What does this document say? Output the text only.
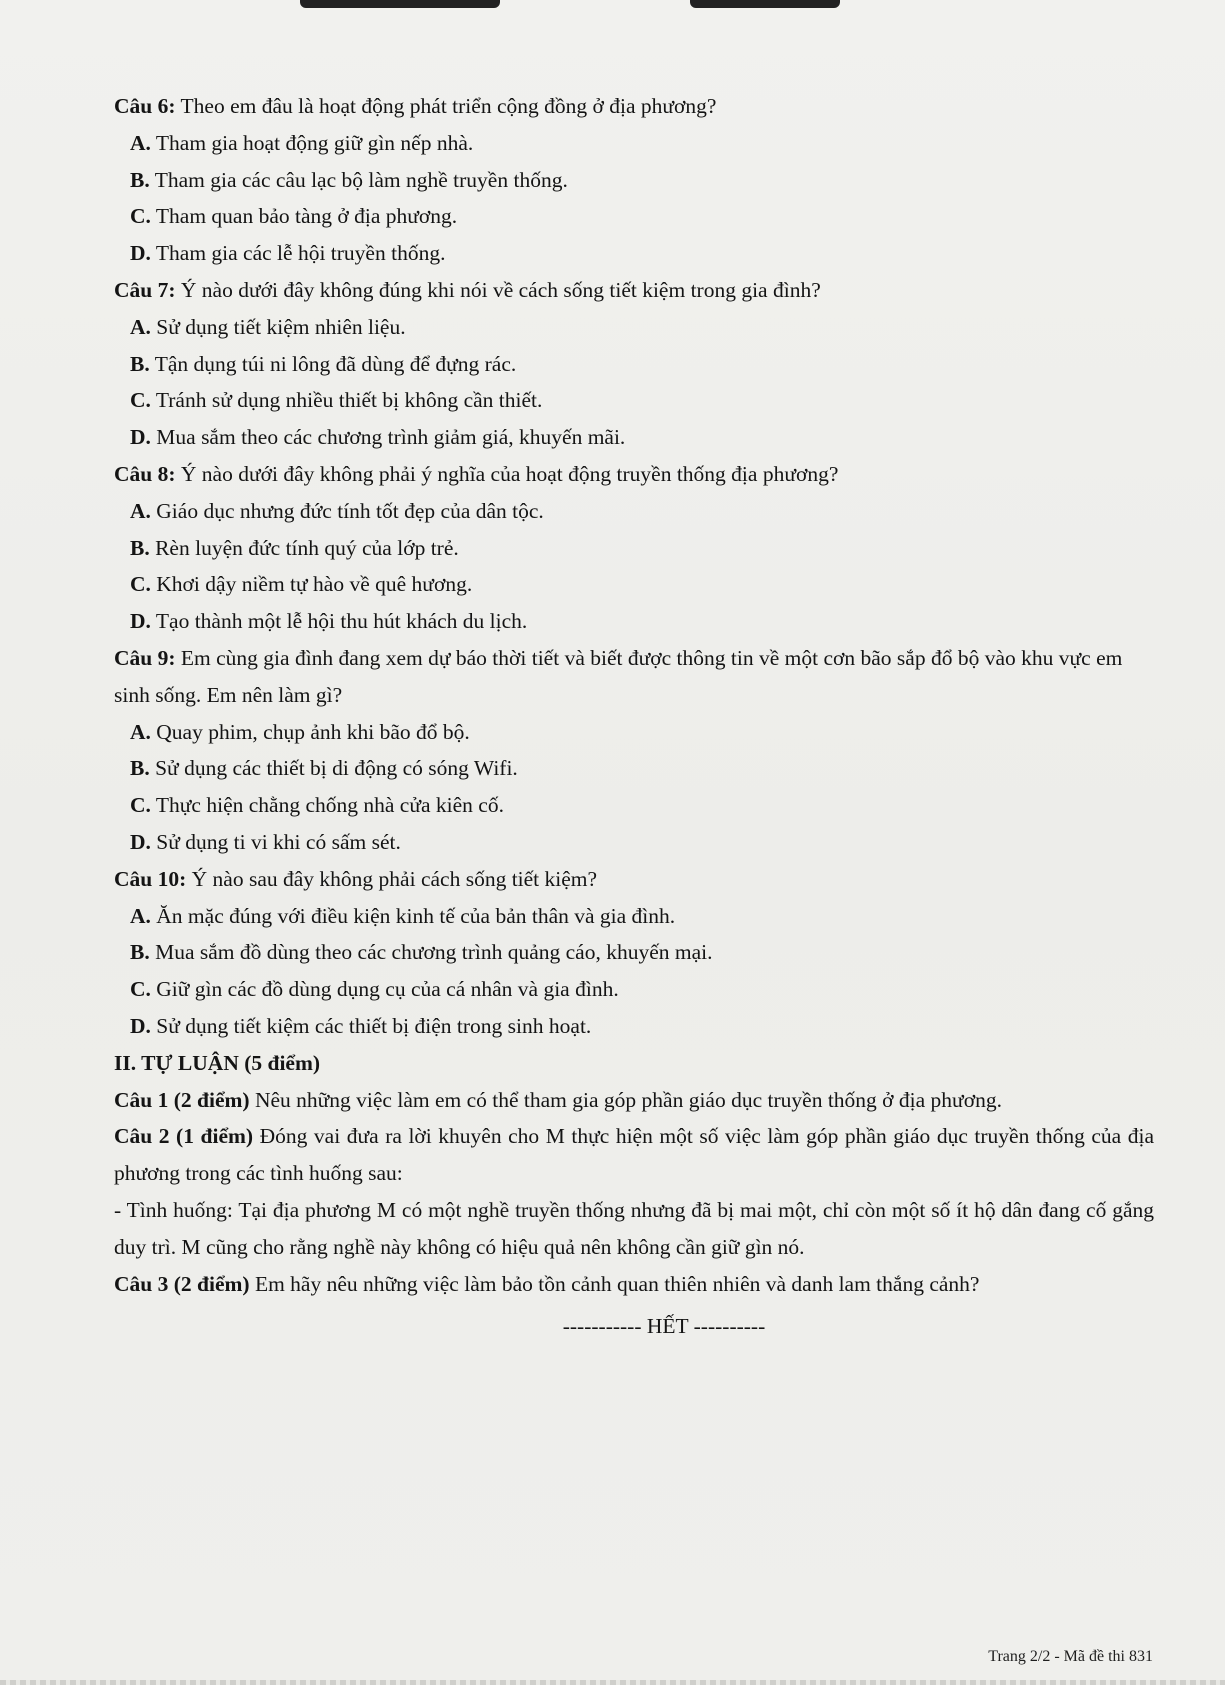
Câu 6: Theo em đâu là hoạt động phát triển cộng đồng ở địa phương?

A. Tham gia hoạt động giữ gìn nếp nhà.

B. Tham gia các câu lạc bộ làm nghề truyền thống.

C. Tham quan bảo tàng ở địa phương.

D. Tham gia các lễ hội truyền thống.

Câu 7: Ý nào dưới đây không đúng khi nói về cách sống tiết kiệm trong gia đình?

A. Sử dụng tiết kiệm nhiên liệu.

B. Tận dụng túi ni lông đã dùng để đựng rác.

C. Tránh sử dụng nhiều thiết bị không cần thiết.

D. Mua sắm theo các chương trình giảm giá, khuyến mãi.

Câu 8: Ý nào dưới đây không phải ý nghĩa của hoạt động truyền thống địa phương?

A. Giáo dục nhưng đức tính tốt đẹp của dân tộc.

B. Rèn luyện đức tính quý của lớp trẻ.

C. Khơi dậy niềm tự hào về quê hương.

D. Tạo thành một lễ hội thu hút khách du lịch.

Câu 9: Em cùng gia đình đang xem dự báo thời tiết và biết được thông tin về một cơn bão sắp đổ bộ vào khu vực em sinh sống. Em nên làm gì?

A. Quay phim, chụp ảnh khi bão đổ bộ.

B. Sử dụng các thiết bị di động có sóng Wifi.

C. Thực hiện chằng chống nhà cửa kiên cố.

D. Sử dụng ti vi khi có sấm sét.

Câu 10: Ý nào sau đây không phải cách sống tiết kiệm?

A. Ăn mặc đúng với điều kiện kinh tế của bản thân và gia đình.

B. Mua sắm đồ dùng theo các chương trình quảng cáo, khuyến mại.

C. Giữ gìn các đồ dùng dụng cụ của cá nhân và gia đình.

D. Sử dụng tiết kiệm các thiết bị điện trong sinh hoạt.

II. TỰ LUẬN (5 điểm)

Câu 1 (2 điểm) Nêu những việc làm em có thể tham gia góp phần giáo dục truyền thống ở địa phương.

Câu 2 (1 điểm) Đóng vai đưa ra lời khuyên cho M thực hiện một số việc làm góp phần giáo dục truyền thống của địa phương trong các tình huống sau:

- Tình huống: Tại địa phương M có một nghề truyền thống nhưng đã bị mai một, chỉ còn một số ít hộ dân đang cố gắng duy trì. M cũng cho rằng nghề này không có hiệu quả nên không cần giữ gìn nó.

Câu 3 (2 điểm) Em hãy nêu những việc làm bảo tồn cảnh quan thiên nhiên và danh lam thắng cảnh?

----------- HẾT ----------

Trang 2/2 - Mã đề thi 831
